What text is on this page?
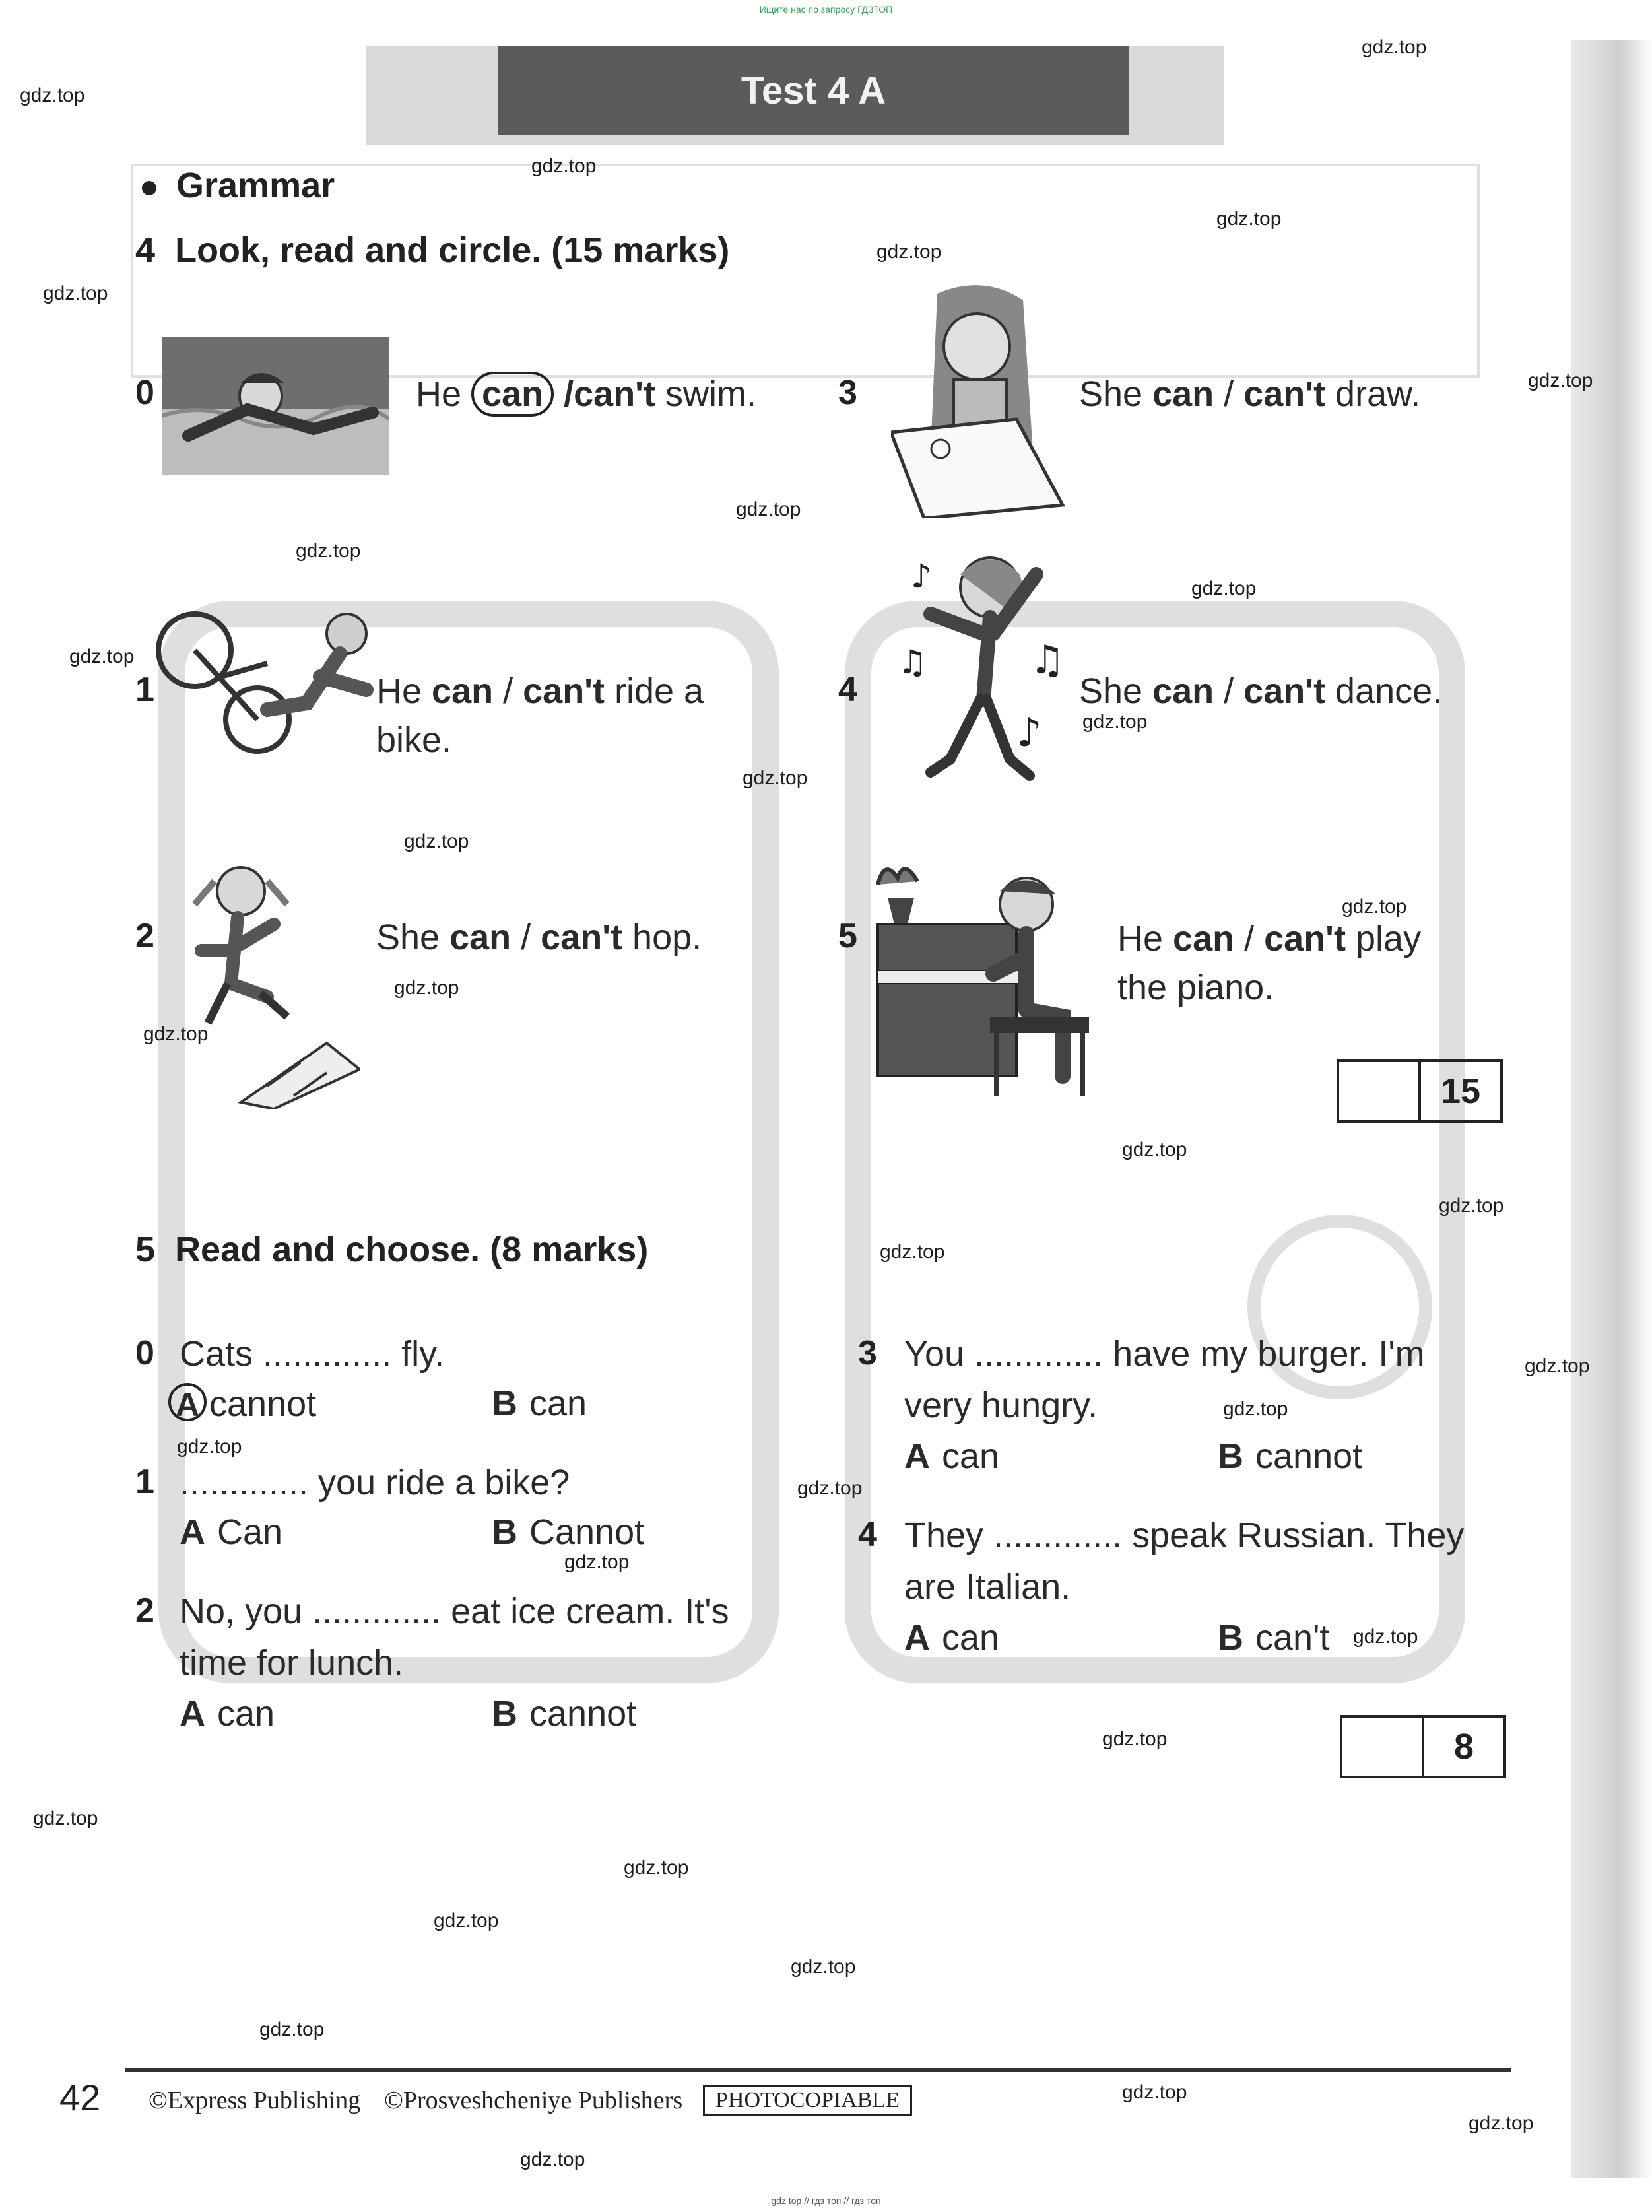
Ищите нас по запросу ГДЗТОП
Test 4 A
Grammar
4 Look, read and circle. (15 marks)
♪
♫	♫
♪
0	He can /can't swim.
1	He can / can't ride a
bike.
2	She can / can't hop.
3	She can / can't draw.
4	She can / can't dance.
5	He can / can't play
the piano.
15
5 Read and choose. (8 marks)
0 Cats ............. fly.
A cannot	B can
1 ............. you ride a bike?
A Can	B Cannot
2 No, you ............. eat ice cream. It's
time for lunch.
A can	B cannot
3 You ............. have my burger. I'm
very hungry.
A can	B cannot
4 They ............. speak Russian. They
are Italian.
A can	B can't
8
42 ©Express Publishing ©Prosveshcheniye Publishers	PHOTOCOPIABLE
gdz.top
gdz.top
gdz.top
gdz.top
gdz.top
gdz.top
gdz.top
gdz.top
gdz.top
gdz.top
gdz.top
gdz.top
gdz.top
gdz.top
gdz.top
gdz.top
gdz.top
gdz.top
gdz.top
gdz.top
gdz.top
gdz.top
gdz.top
gdz.top
gdz.top
gdz.top
gdz.top
gdz.top
gdz.top
gdz.top
gdz.top
gdz.top
gdz.top
gdz.top
gdz.top
gdz top // гдз топ // гдз топ
